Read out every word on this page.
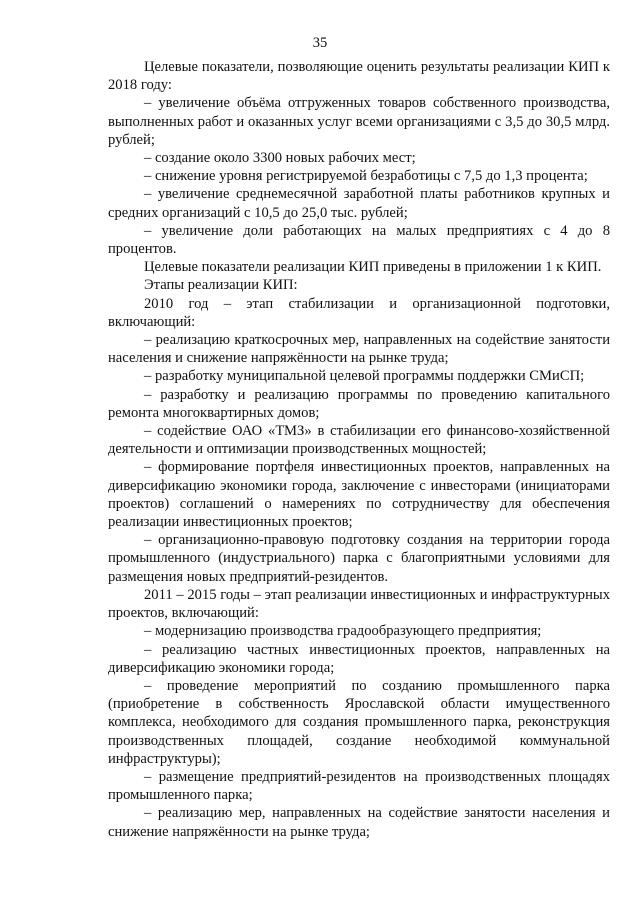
35

Целевые показатели, позволяющие оценить результаты реализации КИП к 2018 году:

– увеличение объёма отгруженных товаров собственного производства, выполненных работ и оказанных услуг всеми организациями с 3,5 до 30,5 млрд. рублей;

– создание около 3300 новых рабочих мест;

– снижение уровня регистрируемой безработицы с 7,5 до 1,3 процента;

– увеличение среднемесячной заработной платы работников крупных и средних организаций с 10,5 до 25,0 тыс. рублей;

– увеличение доли работающих на малых предприятиях с 4 до 8 процентов.

Целевые показатели реализации КИП приведены в приложении 1 к КИП.

Этапы реализации КИП:

2010 год – этап стабилизации и организационной подготовки, включающий:

– реализацию краткосрочных мер, направленных на содействие занятости населения и снижение напряжённости на рынке труда;

– разработку муниципальной целевой программы поддержки СМиСП;

– разработку и реализацию программы по проведению капитального ремонта многоквартирных домов;

– содействие ОАО «ТМЗ» в стабилизации его финансово-хозяйственной деятельности и оптимизации производственных мощностей;

– формирование портфеля инвестиционных проектов, направленных на диверсификацию экономики города, заключение с инвесторами (инициаторами проектов) соглашений о намерениях по сотрудничеству для обеспечения реализации инвестиционных проектов;

– организационно-правовую подготовку создания на территории города промышленного (индустриального) парка с благоприятными условиями для размещения новых предприятий-резидентов.

2011 – 2015 годы – этап реализации инвестиционных и инфраструктурных проектов, включающий:

– модернизацию производства градообразующего предприятия;

– реализацию частных инвестиционных проектов, направленных на диверсификацию экономики города;

– проведение мероприятий по созданию промышленного парка (приобретение в собственность Ярославской области имущественного комплекса, необходимого для создания промышленного парка, реконструкция производственных площадей, создание необходимой коммунальной инфраструктуры);

– размещение предприятий-резидентов на производственных площадях промышленного парка;

– реализацию мер, направленных на содействие занятости населения и снижение напряжённости на рынке труда;
